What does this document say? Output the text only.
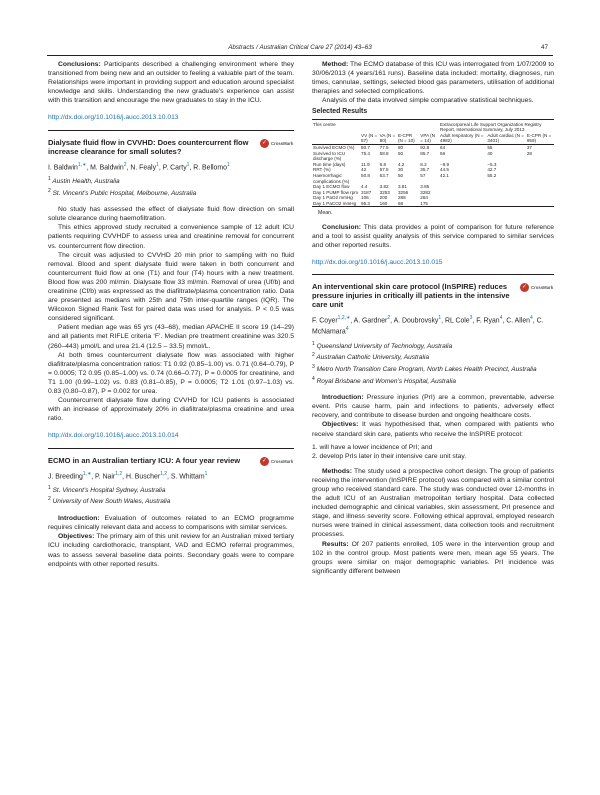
Abstracts / Australian Critical Care 27 (2014) 43–63	47

Conclusions: Participants described a challenging environment where they transitioned from being new and an outsider to feeling a valuable part of the team. Relationships were important in providing support and education around specialist knowledge and skills. Understanding the new graduate’s experience can assist with this transition and encourage the new graduates to stay in the ICU.

http://dx.doi.org/10.1016/j.aucc.2013.10.013
Dialysate fluid flow in CVVHD: Does countercurrent flow increase clearance for small solutes?
✓ CrossMark
I. Baldwin$^{1,∗}$, M. Baldwin$^2$, N. Fealy$^1$, P. Carty$^1$, R. Bellomo$^1$
$^1$ Austin Health, Australia
$^2$ St. Vincent’s Public Hospital, Melbourne, Australia

No study has assessed the effect of dialysate fluid flow direction on small solute clearance during haemofiltration.

This ethics approved study recruited a convenience sample of 12 adult ICU patients requiring CVVHDF to assess urea and creatinine removal for concurrent vs. countercurrent flow direction.

The circuit was adjusted to CVVHD 20 min prior to sampling with no fluid removal. Blood and spent dialysate fluid were taken in both concurrent and countercurrent fluid flow at one (T1) and four (T4) hours with a new treatment. Blood flow was 200 ml/min. Dialysate flow 33 ml/min. Removal of urea (Uf/b) and creatinine (Cf/b) was expressed as the diafiltrate/plasma concentration ratio. Data are presented as medians with 25th and 75th inter-quartile ranges (IQR). The Wilcoxon Signed Rank Test for paired data was used for analysis. P < 0.5 was considered significant.

Patient median age was 65 yrs (43–68), median APACHE II score 19 (14–29) and all patients met RIFLE criteria ‘F’. Median pre treatment creatinine was 320.5 (260–443) μmol/L and urea 21.4 (12.5 – 33.5) mmol/L.

At both times countercurrent dialysate flow was associated with higher diafiltrate/plasma concentration ratios: T1 0.92 (0.85–1.00) vs. 0.71 (0.64–0.79), P = 0.0005; T2 0.95 (0.85–1.00) vs. 0.74 (0.66–0.77), P = 0.0005 for creatinine, and T1 1.00 (0.99–1.02) vs. 0.83 (0.81–0.85), P = 0.0005; T2 1.01 (0.97–1.03) vs. 0.83 (0.80–0.87), P = 0.002 for urea.

Countercurrent dialysate flow during CVVHD for ICU patients is associated with an increase of approximately 20% in diafiltrate/plasma creatinine and urea ratio.

http://dx.doi.org/10.1016/j.aucc.2013.10.014
ECMO in an Australian tertiary ICU: A four year review	✓ CrossMark
J. Breeding$^{1,∗}$, P. Nair$^{1,2}$, H. Buscher$^{1,2}$, S. Whittam$^1$
$^1$ St. Vincent’s Hospital Sydney, Australia
$^2$ University of New South Wales, Australia

Introduction: Evaluation of outcomes related to an ECMO programme requires clinically relevant data and access to comparisons with similar services.

Objectives: The primary aim of this unit review for an Australian mixed tertiary ICU including cardiothoracic, transplant, VAD and ECMO referral programmes, was to assess several baseline data points. Secondary goals were to compare endpoints with other reported results.

Method: The ECMO database of this ICU was interrogated from 1/07/2009 to 30/06/2013 (4 years/161 runs). Baseline data included: mortality, diagnoses, run times, cannulae, settings, selected blood gas parameters, utilisation of additional therapies and selected complications.

Analysis of the data involved simple comparative statistical techniques.

Selected Results
This centre					Extracorporeal Life Support Organization Registry Report, International Summary, July 2013		
	VV (N = 57)	VA (N = 80)	E-CPR (N = 10)	VPA (N = 14)	Adult respiratory (N = 4982)	Adult cardiac (N = 3401)	E-CPR (N = 959)
Survived ECMO (%)	80.7	77.5	80	92.8	64	55	37
Survived to ICU discharge (%)	75.4	58.8	50	85.7	56	40	28
Run time (days)	11.9	6.8	4.2	8.2	−9.9	−5.3	
RRT (%)	42	57.5	30	35.7	44.5	42.7	
Haemorrhagic complications (%)	50.8	63.7	50	57	42.1	55.2	
Day 1 ECMO flow	4.4	3.82	3.81	3.85			
Day 1 PUMP flow rpm	3187	3253	3256	3282			
Day 1 PaO2 mmHg	106	200	288	284			
Day 1 PaCO2 mmHg	95.3	160	68	175			
Mean.

Conclusion: This data provides a point of comparison for future reference and a tool to assist quality analysis of this service compared to similar services and other reported results.

http://dx.doi.org/10.1016/j.aucc.2013.10.015
An interventional skin care protocol (InSPIRE) reduces pressure injuries in critically ill patients in the intensive care unit
✓ CrossMark
F. Coyer$^{1,2,∗}$, A. Gardner$^2$, A. Doubrovsky$^1$, RL Cole$^3$, F. Ryan$^4$, C. Allen$^4$, C. McNamara$^4$
$^1$ Queensland University of Technology, Australia
$^2$ Australian Catholic University, Australia
$^3$ Metro North Transition Care Program, North Lakes Health Precinct, Australia
$^4$ Royal Brisbane and Women’s Hospital, Australia

Introduction: Pressure injuries (PrI) are a common, preventable, adverse event. PrIs cause harm, pain and infections to patients, adversely effect recovery, and contribute to disease burden and ongoing healthcare costs.

Objectives: It was hypothesised that, when compared with patients who receive standard skin care, patients who receive the InSPIRE protocol:

1. will have a lower incidence of PrI; and
2. develop PrIs later in their intensive care unit stay.

Methods: The study used a prospective cohort design. The group of patients receiving the intervention (InSPIRE protocol) was compared with a similar control group who received standard care. The study was conducted over 12-months in the adult ICU of an Australian metropolitan tertiary hospital. Data collected included demographic and clinical variables, skin assessment, PrI presence and stage, and illness severity score. Following ethical approval, employed research nurses were trained in clinical assessment, data collection tools and recruitment processes.

Results: Of 207 patients enrolled, 105 were in the intervention group and 102 in the control group. Most patients were men, mean age 55 years. The groups were similar on major demographic variables. PrI incidence was significantly different between
